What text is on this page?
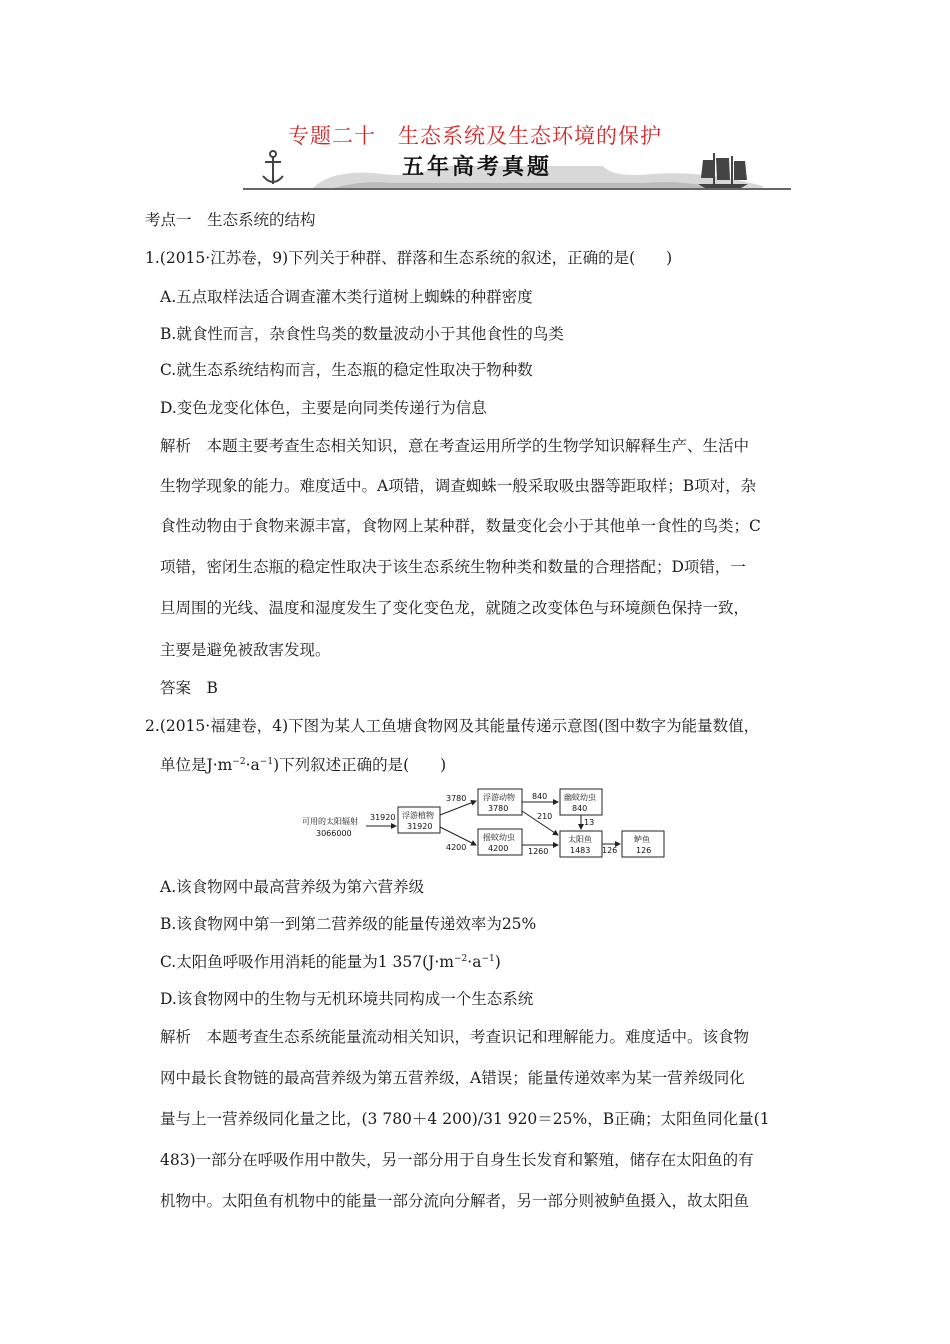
专题二十　生态系统及生态环境的保护
五年高考真题
考点一　生态系统的结构
1.(2015·江苏卷，9)下列关于种群、群落和生态系统的叙述，正确的是(　　)
A.五点取样法适合调查灌木类行道树上蜘蛛的种群密度
B.就食性而言，杂食性鸟类的数量波动小于其他食性的鸟类
C.就生态系统结构而言，生态瓶的稳定性取决于物种数
D.变色龙变化体色，主要是向同类传递行为信息
解析　本题主要考查生态相关知识，意在考查运用所学的生物学知识解释生产、生活中
生物学现象的能力。难度适中。A项错，调查蜘蛛一般采取吸虫器等距取样；B项对，杂
食性动物由于食物来源丰富，食物网上某种群，数量变化会小于其他单一食性的鸟类；C
项错，密闭生态瓶的稳定性取决于该生态系统生物种类和数量的合理搭配；D项错，一
旦周围的光线、温度和湿度发生了变化变色龙，就随之改变体色与环境颜色保持一致，
主要是避免被敌害发现。
答案　B
2.(2015·福建卷，4)下图为某人工鱼塘食物网及其能量传递示意图(图中数字为能量数值，
单位是$J\cdot m^{-2}\cdot a^{-1}$)下列叙述正确的是(　　)
可用的太阳辐射
3066000
31920 浮游植物
31920
3780
4200
浮游动物
3780
摇蚊幼虫
4200
840
210
1260
幽蚊幼虫
840
13
太阳鱼
1483 126
鲈鱼
126
A.该食物网中最高营养级为第六营养级
B.该食物网中第一到第二营养级的能量传递效率为25%
C.太阳鱼呼吸作用消耗的能量为1 $357(J\cdot m^{-2}\cdot a^{-1})$
D.该食物网中的生物与无机环境共同构成一个生态系统
解析　本题考查生态系统能量流动相关知识，考查识记和理解能力。难度适中。该食物
网中最长食物链的最高营养级为第五营养级，A错误；能量传递效率为某一营养级同化
量与上一营养级同化量之比，(3 780＋4 200)/31 920＝25%，B正确；太阳鱼同化量(1
483)一部分在呼吸作用中散失，另一部分用于自身生长发育和繁殖，储存在太阳鱼的有
机物中。太阳鱼有机物中的能量一部分流向分解者，另一部分则被鲈鱼摄入，故太阳鱼
